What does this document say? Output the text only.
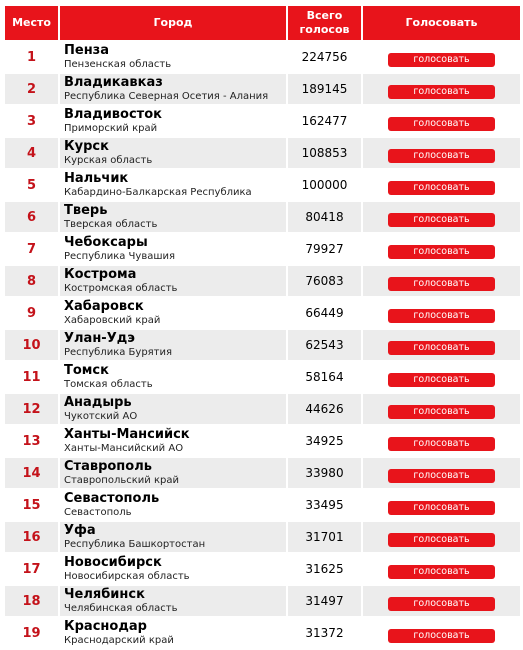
Место	Город	Всего
голосов	Голосовать
1	Пенза
Пензенская область	224756	голосовать
2	Владикавказ
Республика Северная Осетия - Алания	189145	голосовать
3	Владивосток
Приморский край	162477	голосовать
4	Курск
Курская область	108853	голосовать
5	Нальчик
Кабардино-Балкарская Республика	100000	голосовать
6	Тверь
Тверская область	80418	голосовать
7	Чебоксары
Республика Чувашия	79927	голосовать
8	Кострома
Костромская область	76083	голосовать
9	Хабаровск
Хабаровский край	66449	голосовать
10	Улан-Удэ
Республика Бурятия	62543	голосовать
11	Томск
Томская область	58164	голосовать
12	Анадырь
Чукотский АО	44626	голосовать
13	Ханты-Мансийск
Ханты-Мансийский АО	34925	голосовать
14	Ставрополь
Ставропольский край	33980	голосовать
15	Севастополь
Севастополь	33495	голосовать
16	Уфа
Республика Башкортостан	31701	голосовать
17	Новосибирск
Новосибирская область	31625	голосовать
18	Челябинск
Челябинская область	31497	голосовать
19	Краснодар
Краснодарский край	31372	голосовать
